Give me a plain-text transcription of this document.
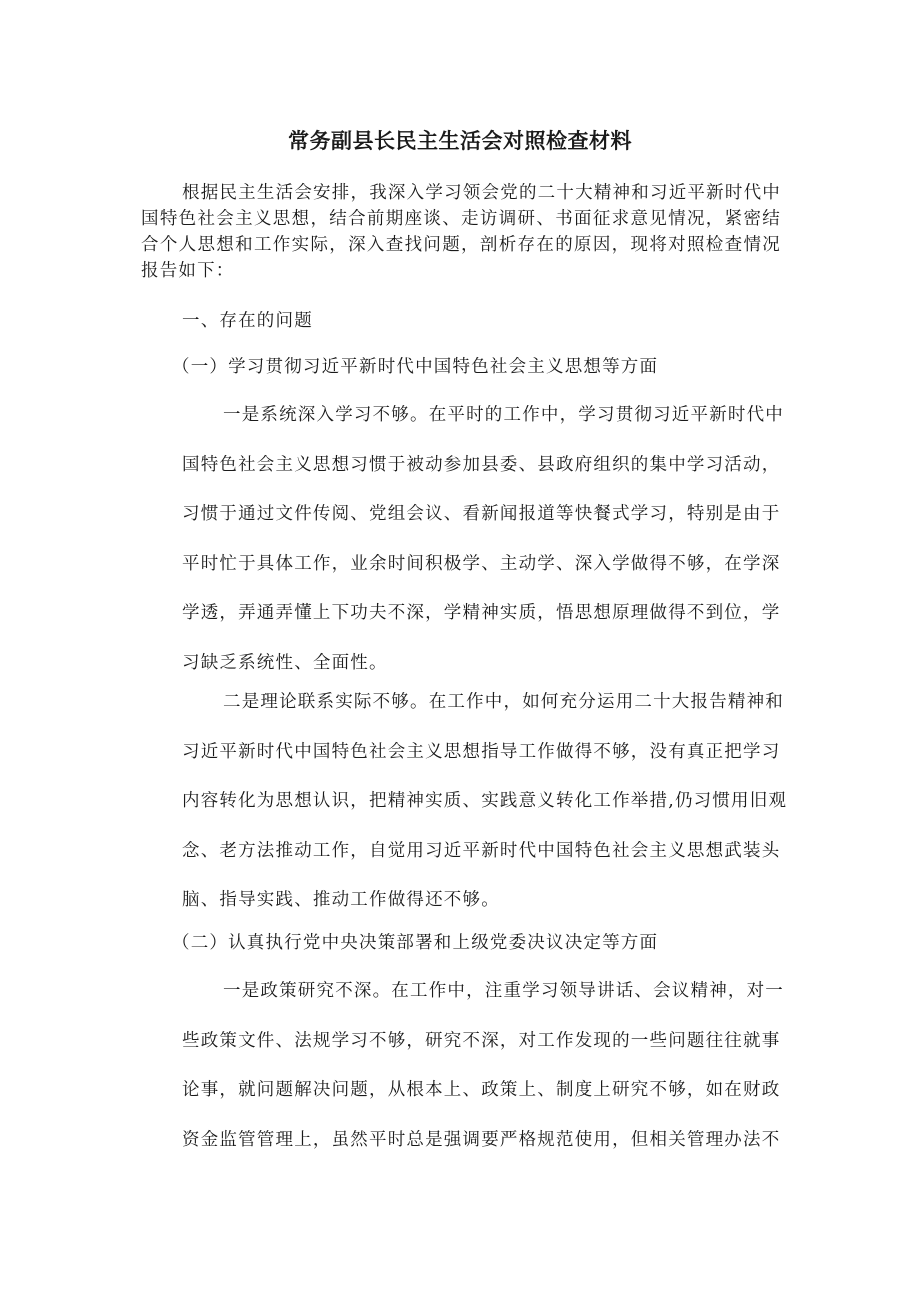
常务副县长民主生活会对照检查材料

根据民主生活会安排，我深入学习领会党的二十大精神和习近平新时代中国特色社会主义思想，结合前期座谈、走访调研、书面征求意见情况，紧密结合个人思想和工作实际，深入查找问题，剖析存在的原因，现将对照检查情况报告如下：

一、存在的问题

（一）学习贯彻习近平新时代中国特色社会主义思想等方面

一是系统深入学习不够。在平时的工作中，学习贯彻习近平新时代中
国特色社会主义思想习惯于被动参加县委、县政府组织的集中学习活动，
习惯于通过文件传阅、党组会议、看新闻报道等快餐式学习，特别是由于
平时忙于具体工作，业余时间积极学、主动学、深入学做得不够，在学深
学透，弄通弄懂上下功夫不深，学精神实质，悟思想原理做得不到位，学
习缺乏系统性、全面性。
二是理论联系实际不够。在工作中，如何充分运用二十大报告精神和
习近平新时代中国特色社会主义思想指导工作做得不够，没有真正把学习
内容转化为思想认识，把精神实质、实践意义转化工作举措,仍习惯用旧观
念、老方法推动工作，自觉用习近平新时代中国特色社会主义思想武装头
脑、指导实践、推动工作做得还不够。

（二）认真执行党中央决策部署和上级党委决议决定等方面

一是政策研究不深。在工作中，注重学习领导讲话、会议精神，对一
些政策文件、法规学习不够，研究不深，对工作发现的一些问题往往就事
论事，就问题解决问题，从根本上、政策上、制度上研究不够，如在财政
资金监管管理上，虽然平时总是强调要严格规范使用，但相关管理办法不
